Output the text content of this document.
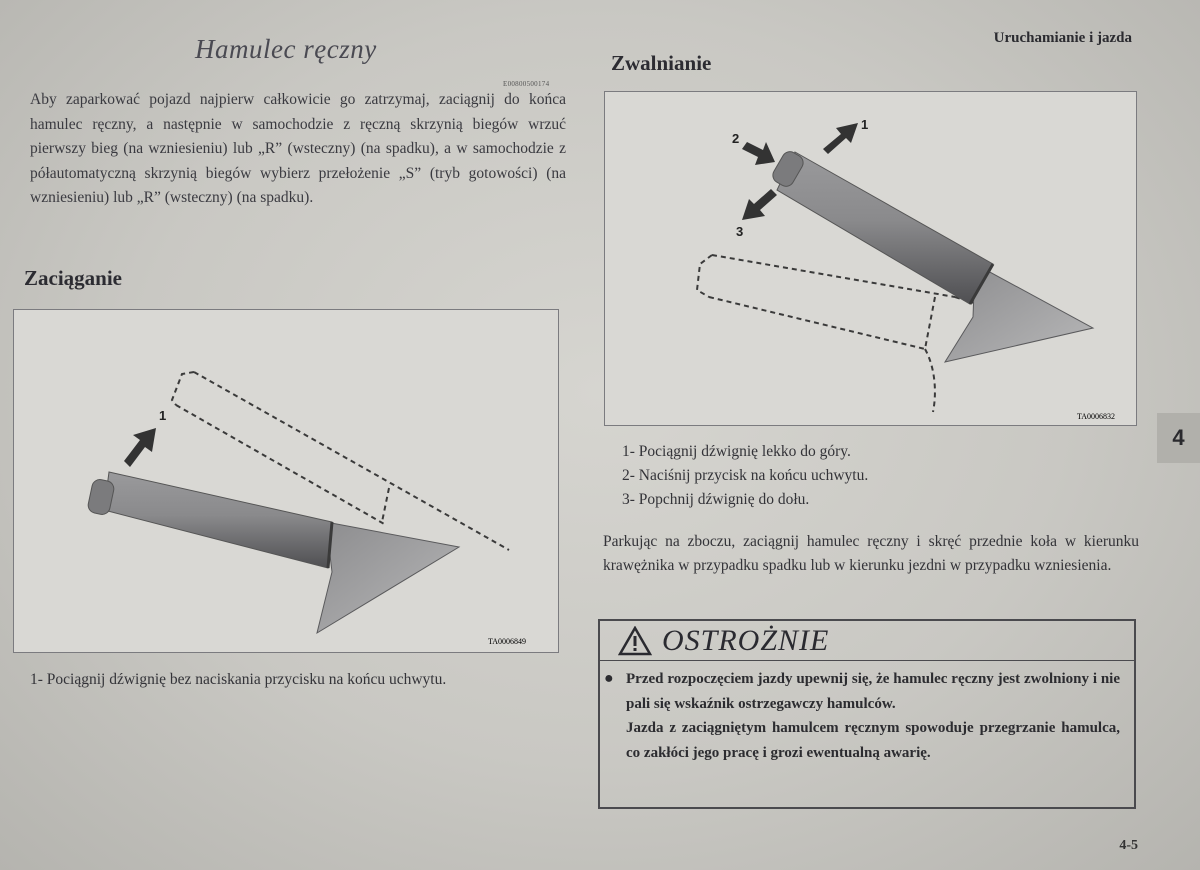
Uruchamianie i jazda
Hamulec ręczny
E00800500174
Aby zaparkować pojazd najpierw całkowicie go zatrzymaj, zaciągnij do końca hamulec ręczny, a następnie w samochodzie z ręczną skrzynią biegów wrzuć pierwszy bieg (na wzniesieniu) lub „R” (wsteczny) (na spadku), a w samochodzie z półautomatyczną skrzynią biegów wybierz przełożenie „S” (tryb gotowości) (na wzniesieniu) lub „R” (wsteczny) (na spadku).
Zaciąganie
1
TA0006849
1- Pociągnij dźwignię bez naciskania przycisku na końcu uchwytu.
Zwalnianie
1
2
3
TA0006832

1- Pociągnij dźwignię lekko do góry.

2- Naciśnij przycisk na końcu uchwytu.

3- Popchnij dźwignię do dołu.

Parkując na zboczu, zaciągnij hamulec ręczny i skręć przednie koła w kierunku krawężnika w przypadku spadku lub w kierunku jezdni w przypadku wzniesienia.
OSTROŻNIE
● Przed rozpoczęciem jazdy upewnij się, że hamulec ręczny jest zwolniony i nie pali się wskaźnik ostrzegawczy hamulców.
Jazda z zaciągniętym hamulcem ręcznym spowoduje przegrzanie hamulca, co zakłóci jego pracę i grozi ewentualną awarię.
4
4-5
